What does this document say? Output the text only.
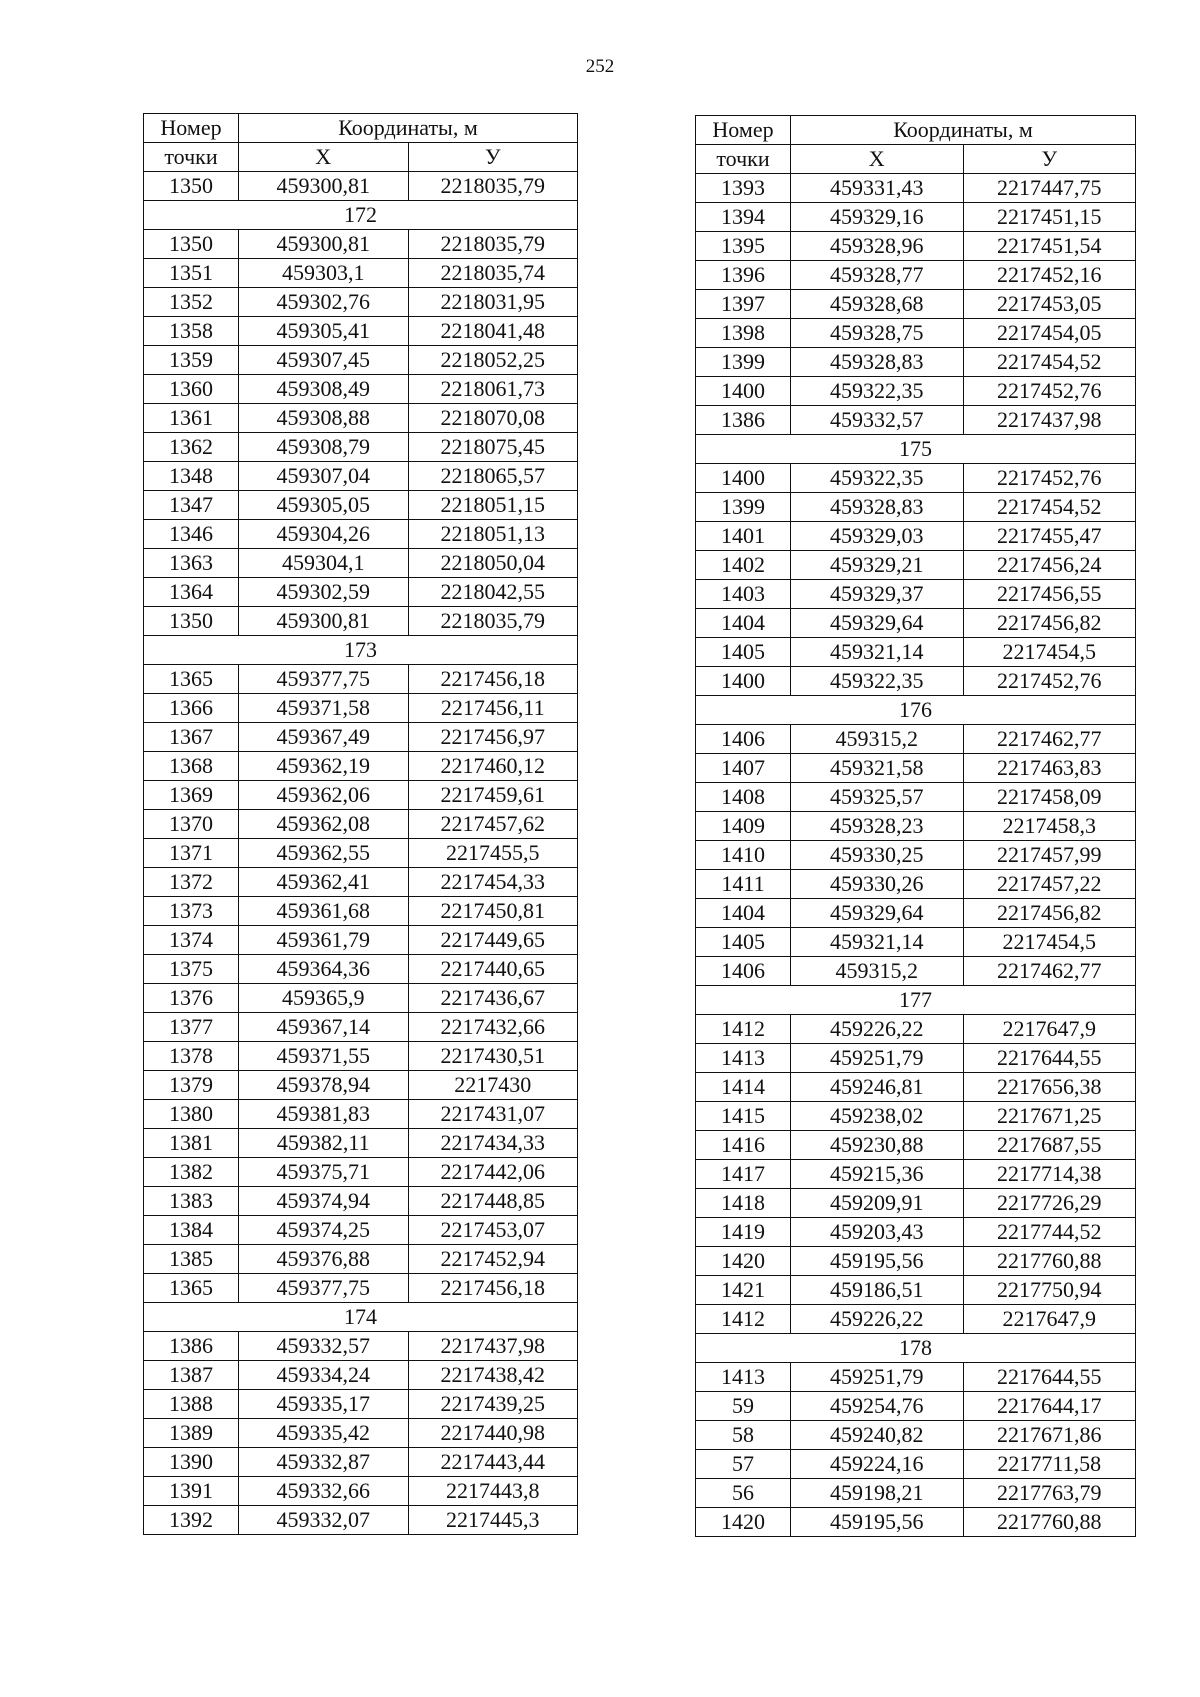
252
Номер	Координаты, м	
точки	Х	У
1350	459300,81	2218035,79
172		
1350	459300,81	2218035,79
1351	459303,1	2218035,74
1352	459302,76	2218031,95
1358	459305,41	2218041,48
1359	459307,45	2218052,25
1360	459308,49	2218061,73
1361	459308,88	2218070,08
1362	459308,79	2218075,45
1348	459307,04	2218065,57
1347	459305,05	2218051,15
1346	459304,26	2218051,13
1363	459304,1	2218050,04
1364	459302,59	2218042,55
1350	459300,81	2218035,79
173		
1365	459377,75	2217456,18
1366	459371,58	2217456,11
1367	459367,49	2217456,97
1368	459362,19	2217460,12
1369	459362,06	2217459,61
1370	459362,08	2217457,62
1371	459362,55	2217455,5
1372	459362,41	2217454,33
1373	459361,68	2217450,81
1374	459361,79	2217449,65
1375	459364,36	2217440,65
1376	459365,9	2217436,67
1377	459367,14	2217432,66
1378	459371,55	2217430,51
1379	459378,94	2217430
1380	459381,83	2217431,07
1381	459382,11	2217434,33
1382	459375,71	2217442,06
1383	459374,94	2217448,85
1384	459374,25	2217453,07
1385	459376,88	2217452,94
1365	459377,75	2217456,18
174		
1386	459332,57	2217437,98
1387	459334,24	2217438,42
1388	459335,17	2217439,25
1389	459335,42	2217440,98
1390	459332,87	2217443,44
1391	459332,66	2217443,8
1392	459332,07	2217445,3
Номер	Координаты, м	
точки	Х	У
1393	459331,43	2217447,75
1394	459329,16	2217451,15
1395	459328,96	2217451,54
1396	459328,77	2217452,16
1397	459328,68	2217453,05
1398	459328,75	2217454,05
1399	459328,83	2217454,52
1400	459322,35	2217452,76
1386	459332,57	2217437,98
175		
1400	459322,35	2217452,76
1399	459328,83	2217454,52
1401	459329,03	2217455,47
1402	459329,21	2217456,24
1403	459329,37	2217456,55
1404	459329,64	2217456,82
1405	459321,14	2217454,5
1400	459322,35	2217452,76
176		
1406	459315,2	2217462,77
1407	459321,58	2217463,83
1408	459325,57	2217458,09
1409	459328,23	2217458,3
1410	459330,25	2217457,99
1411	459330,26	2217457,22
1404	459329,64	2217456,82
1405	459321,14	2217454,5
1406	459315,2	2217462,77
177		
1412	459226,22	2217647,9
1413	459251,79	2217644,55
1414	459246,81	2217656,38
1415	459238,02	2217671,25
1416	459230,88	2217687,55
1417	459215,36	2217714,38
1418	459209,91	2217726,29
1419	459203,43	2217744,52
1420	459195,56	2217760,88
1421	459186,51	2217750,94
1412	459226,22	2217647,9
178		
1413	459251,79	2217644,55
59	459254,76	2217644,17
58	459240,82	2217671,86
57	459224,16	2217711,58
56	459198,21	2217763,79
1420	459195,56	2217760,88
